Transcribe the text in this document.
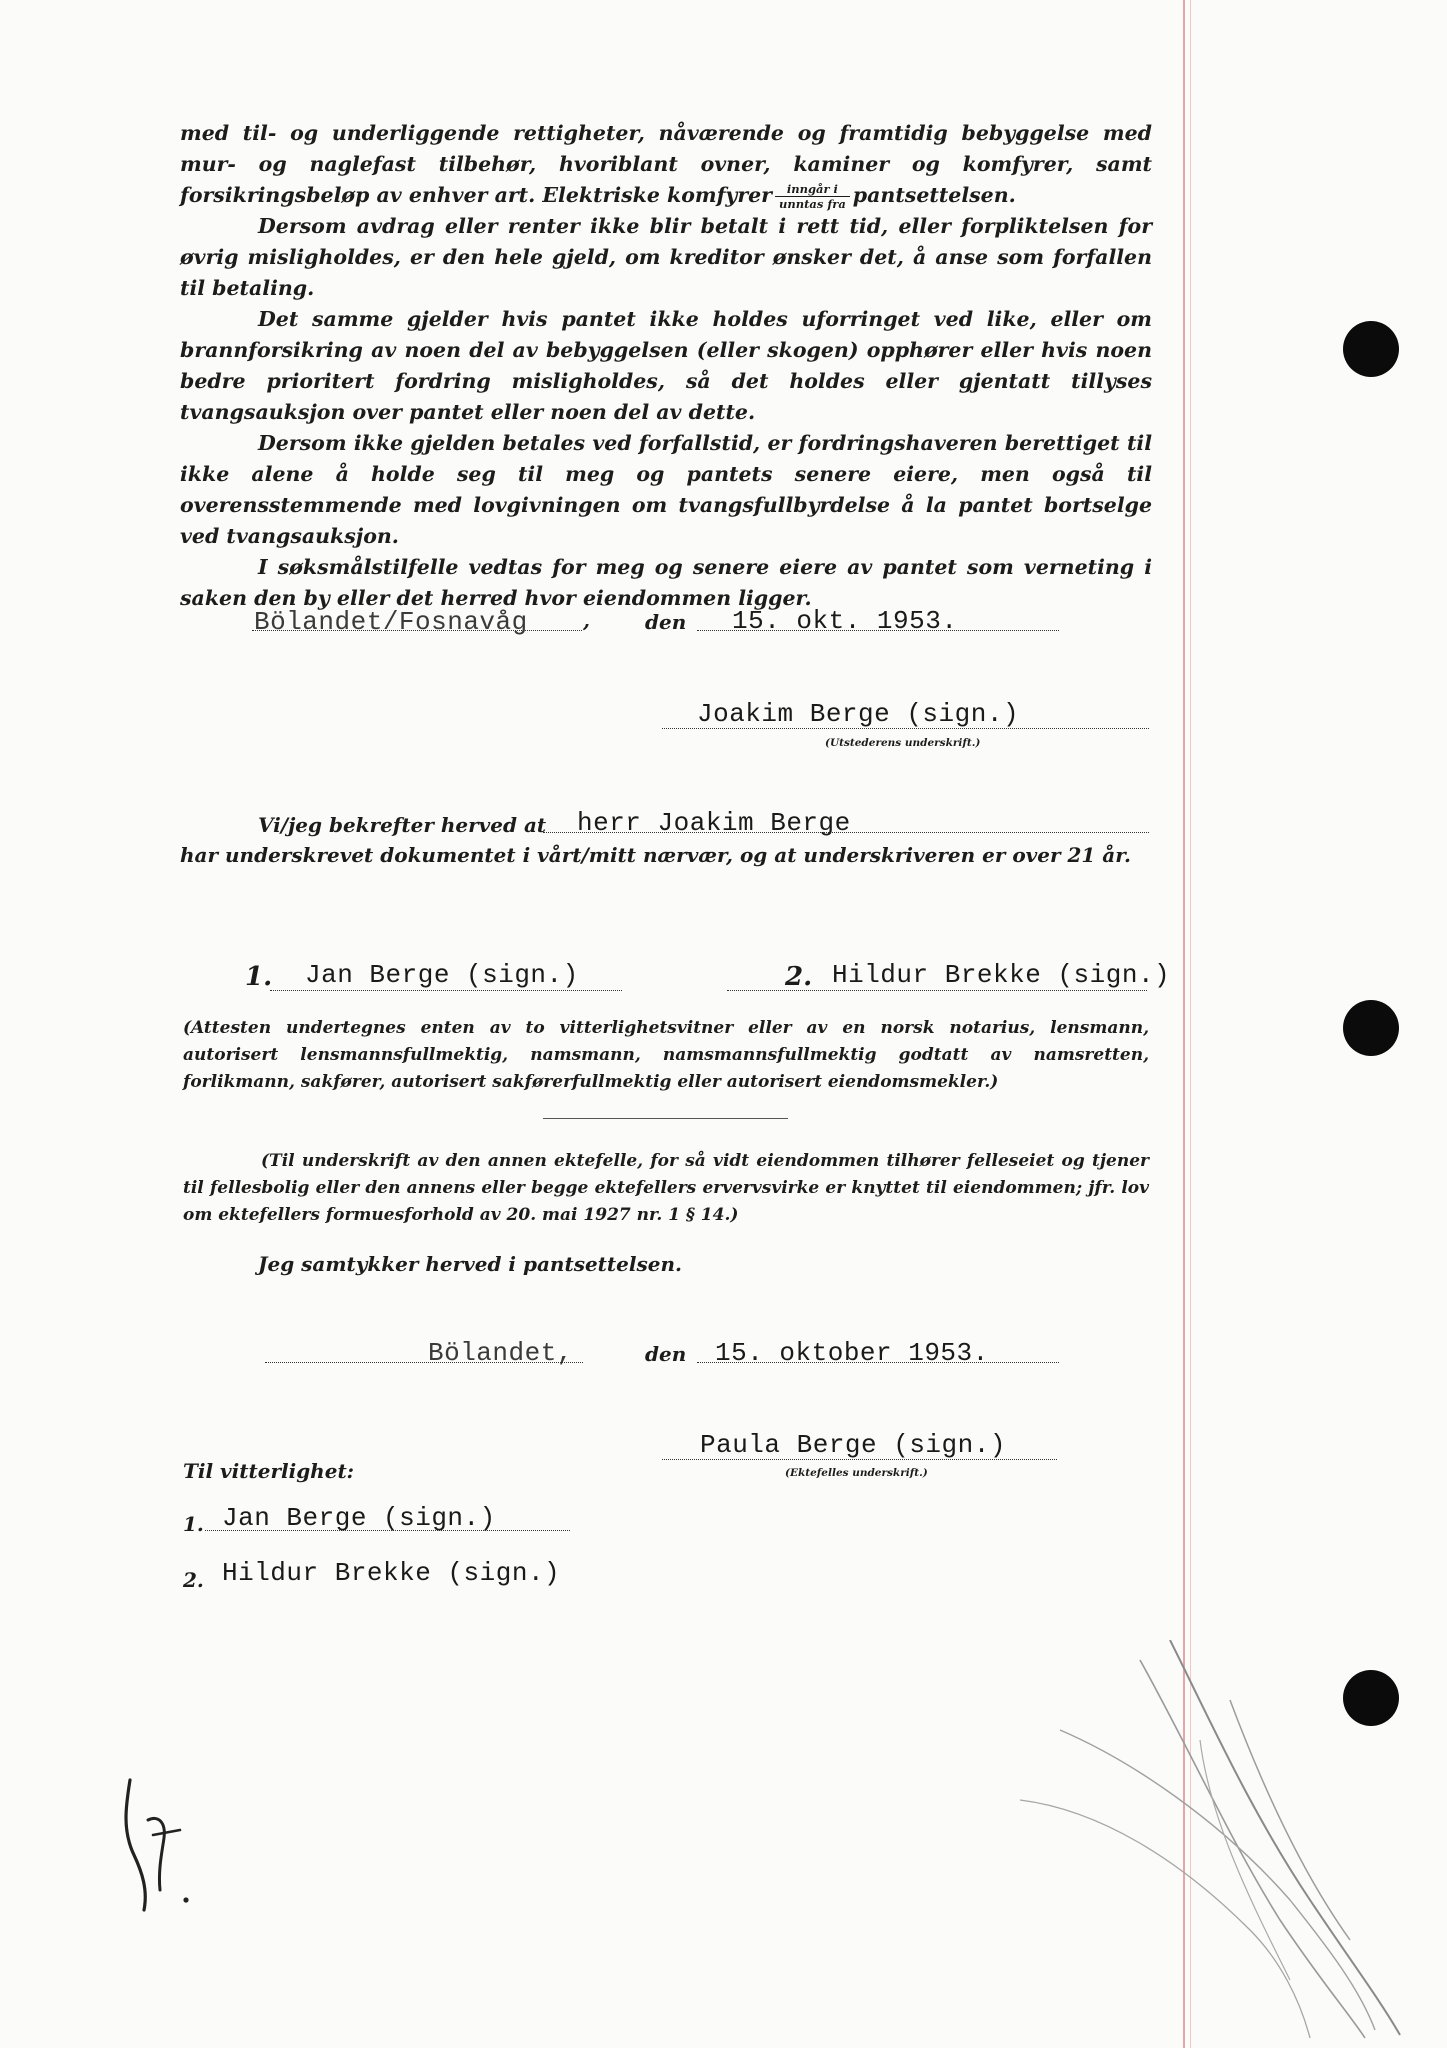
med til- og underliggende rettigheter, nåværende og framtidig bebyggelse med mur- og naglefast tilbehør, hvoriblant ovner, kaminer og komfyrer, samt forsikringsbeløp av enhver art. Elektriske komfyrer $\frac{\text{inngår i}}{\text{unntas fra}}$ pantsettelsen.

Dersom avdrag eller renter ikke blir betalt i rett tid, eller forpliktelsen for øvrig misligholdes, er den hele gjeld, om kreditor ønsker det, å anse som forfallen til betaling.

Det samme gjelder hvis pantet ikke holdes uforringet ved like, eller om brannforsikring av noen del av bebyggelsen (eller skogen) opphører eller hvis noen bedre prioritert fordring misligholdes, så det holdes eller gjentatt tillyses tvangsauksjon over pantet eller noen del av dette.

Dersom ikke gjelden betales ved forfallstid, er fordringshaveren berettiget til ikke alene å holde seg til meg og pantets senere eiere, men også til overensstemmende med lovgivningen om tvangsfullbyrdelse å la pantet bortselge ved tvangsauksjon.

I søksmålstilfelle vedtas for meg og senere eiere av pantet som verneting i saken den by eller det herred hvor eiendommen ligger.

Bölandet/Fosnavåg	,	den 15. okt. 1953.
Joakim Berge (sign.)
(Utstederens underskrift.)
Vi/jeg bekrefter herved at herr Joakim Berge
har underskrevet dokumentet i vårt/mitt nærvær, og at underskriveren er over 21 år.
1. Jan Berge (sign.)	2. Hildur Brekke (sign.)
(Attesten undertegnes enten av to vitterlighetsvitner eller av en norsk notarius, lensmann, autorisert lensmannsfullmektig, namsmann, namsmannsfullmektig godtatt av namsretten, forlikmann, sakfører, autorisert sakførerfullmektig eller autorisert eiendomsmekler.)
(Til underskrift av den annen ektefelle, for så vidt eiendommen tilhører felleseiet og tjener til fellesbolig eller den annens eller begge ektefellers ervervsvirke er knyttet til eiendommen; jfr. lov om ektefellers formuesforhold av 20. mai 1927 nr. 1 § 14.)
Jeg samtykker herved i pantsettelsen.
Bölandet,	den 15. oktober 1953.
Paula Berge (sign.)
(Ektefelles underskrift.)
Til vitterlighet:
1. Jan Berge (sign.)
2. Hildur Brekke (sign.)
